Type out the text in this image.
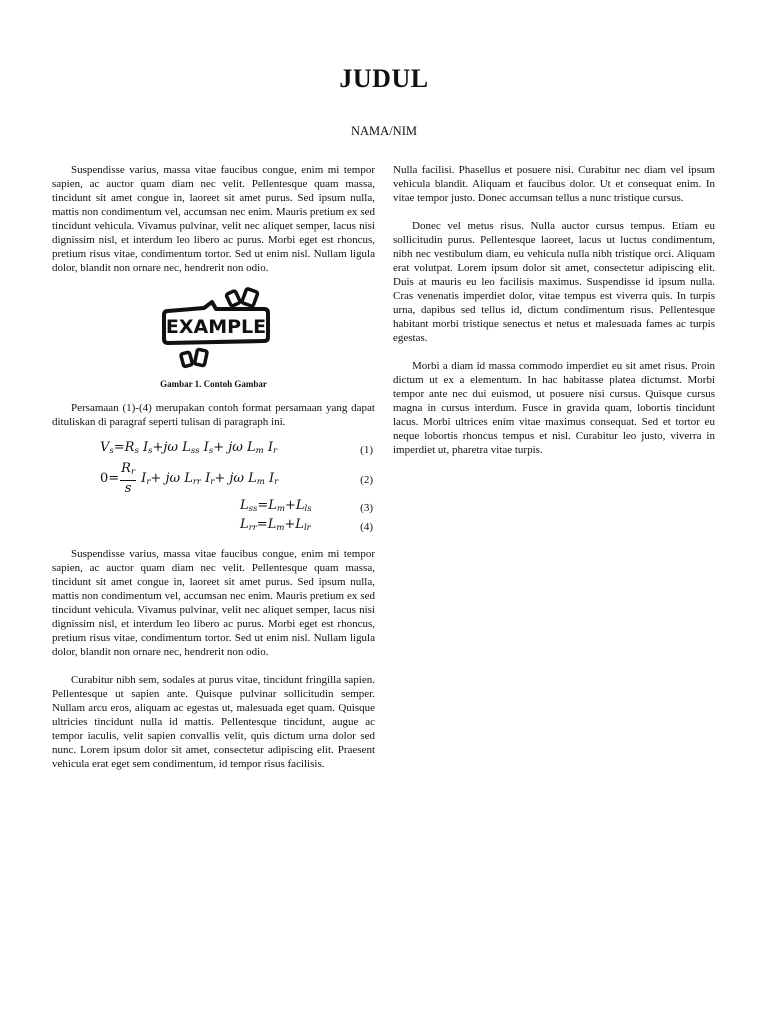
JUDUL
NAMA/NIM

Suspendisse varius, massa vitae faucibus congue, enim mi tempor sapien, ac auctor quam diam nec velit. Pellentesque quam massa, tincidunt sit amet congue in, laoreet sit amet purus. Sed ipsum nulla, mattis non condimentum vel, accumsan nec enim. Mauris pretium ex sed tincidunt vehicula. Vivamus pulvinar, velit nec aliquet semper, lacus nisi dignissim nisl, et interdum leo libero ac purus. Morbi eget est rhoncus, pretium risus vitae, condimentum tortor. Sed ut enim nisl. Nullam ligula dolor, blandit non ornare nec, hendrerit non odio.

EXAMPLE
Gambar 1. Contoh Gambar

Persamaan (1)-(4) merupakan contoh format persamaan yang dapat dituliskan di paragraf seperti tulisan di paragraph ini.

$V_s=R_s$ $I_s+j\omega$ $L_{ss}$ $I_s+ j\omega$ $L_m$ $I_r$	(1)
$0= \frac{R_r}{s} I_r+ j\omega$ $L_{rr}$ $I_r+ j\omega$ $L_m$ $I_r$	(2)
$L_{ss}=L_m+L_{ls}$	(3)
$L_{rr}=L_m+L_{lr}$	(4)

Suspendisse varius, massa vitae faucibus congue, enim mi tempor sapien, ac auctor quam diam nec velit. Pellentesque quam massa, tincidunt sit amet congue in, laoreet sit amet purus. Sed ipsum nulla, mattis non condimentum vel, accumsan nec enim. Mauris pretium ex sed tincidunt vehicula. Vivamus pulvinar, velit nec aliquet semper, lacus nisi dignissim nisl, et interdum leo libero ac purus. Morbi eget est rhoncus, pretium risus vitae, condimentum tortor. Sed ut enim nisl. Nullam ligula dolor, blandit non ornare nec, hendrerit non odio.

Curabitur nibh sem, sodales at purus vitae, tincidunt fringilla sapien. Pellentesque ut sapien ante. Quisque pulvinar sollicitudin semper. Nullam arcu eros, aliquam ac egestas ut, malesuada eget quam. Quisque ultricies tincidunt nulla id mattis. Pellentesque tincidunt, augue ac tempor iaculis, velit sapien convallis velit, quis dictum urna dolor sed nunc. Lorem ipsum dolor sit amet, consectetur adipiscing elit. Praesent vehicula erat eget sem condimentum, id tempor risus facilisis.

Nulla facilisi. Phasellus et posuere nisi. Curabitur nec diam vel ipsum vehicula blandit. Aliquam et faucibus dolor. Ut et consequat enim. In vitae tempor justo. Donec accumsan tellus a nunc tristique cursus.

Donec vel metus risus. Nulla auctor cursus tempus. Etiam eu sollicitudin purus. Pellentesque laoreet, lacus ut luctus condimentum, nibh nec vestibulum diam, eu vehicula nulla nibh tristique orci. Aliquam erat volutpat. Lorem ipsum dolor sit amet, consectetur adipiscing elit. Duis at mauris eu leo facilisis maximus. Suspendisse id ipsum nulla. Cras venenatis imperdiet dolor, vitae tempus est viverra quis. In turpis urna, dapibus sed tellus id, dictum condimentum risus. Pellentesque habitant morbi tristique senectus et netus et malesuada fames ac turpis egestas.

Morbi a diam id massa commodo imperdiet eu sit amet risus. Proin dictum ut ex a elementum. In hac habitasse platea dictumst. Morbi tempor ante nec dui euismod, ut posuere nisi cursus. Quisque cursus magna in cursus interdum. Fusce in gravida quam, lobortis tincidunt lacus. Morbi ultrices enim vitae maximus consequat. Sed et tortor eu neque lobortis rhoncus tempus et nisl. Curabitur leo justo, viverra in imperdiet ut, pharetra vitae turpis.
